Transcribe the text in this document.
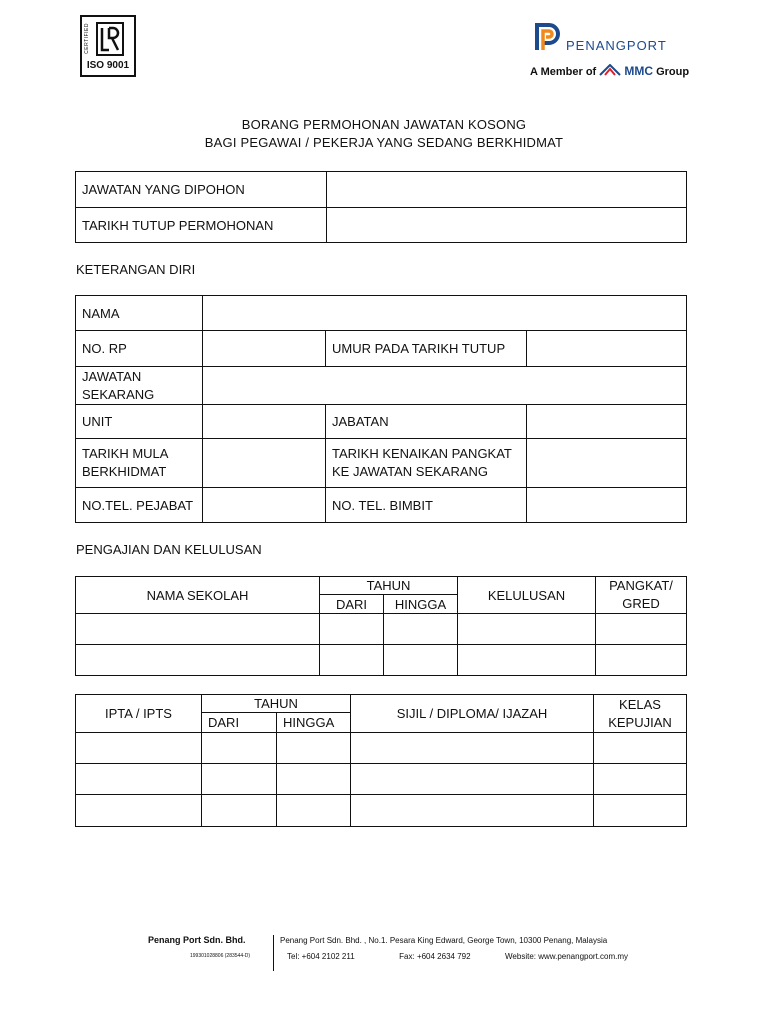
CERTIFIED
ISO 9001
PENANGPORT
A Member of MMC Group
BORANG PERMOHONAN JAWATAN KOSONG
BAGI PEGAWAI / PEKERJA YANG SEDANG BERKHIDMAT
JAWATAN YANG DIPOHON	
TARIKH TUTUP PERMOHONAN	
KETERANGAN DIRI
NAMA			
NO. RP		UMUR PADA TARIKH TUTUP	
JAWATAN SEKARANG			
UNIT		JABATAN	
TARIKH MULA BERKHIDMAT		TARIKH KENAIKAN PANGKAT KE JAWATAN SEKARANG	
NO.TEL. PEJABAT		NO. TEL. BIMBIT	
PENGAJIAN DAN KELULUSAN
NAMA SEKOLAH	TAHUN		KELULUSAN	PANGKAT/ GRED
	DARI	HINGGA		

IPTA / IPTS	TAHUN		SIJIL / DIPLOMA/ IJAZAH	KELAS KEPUJIAN
	DARI	HINGGA		

Penang Port Sdn. Bhd.
199301028806 (283544-D)
Penang Port Sdn. Bhd. , No.1. Pesara King Edward, George Town, 10300 Penang, Malaysia
Tel: +604 2102 211	Fax: +604 2634 792	Website: www.penangport.com.my
